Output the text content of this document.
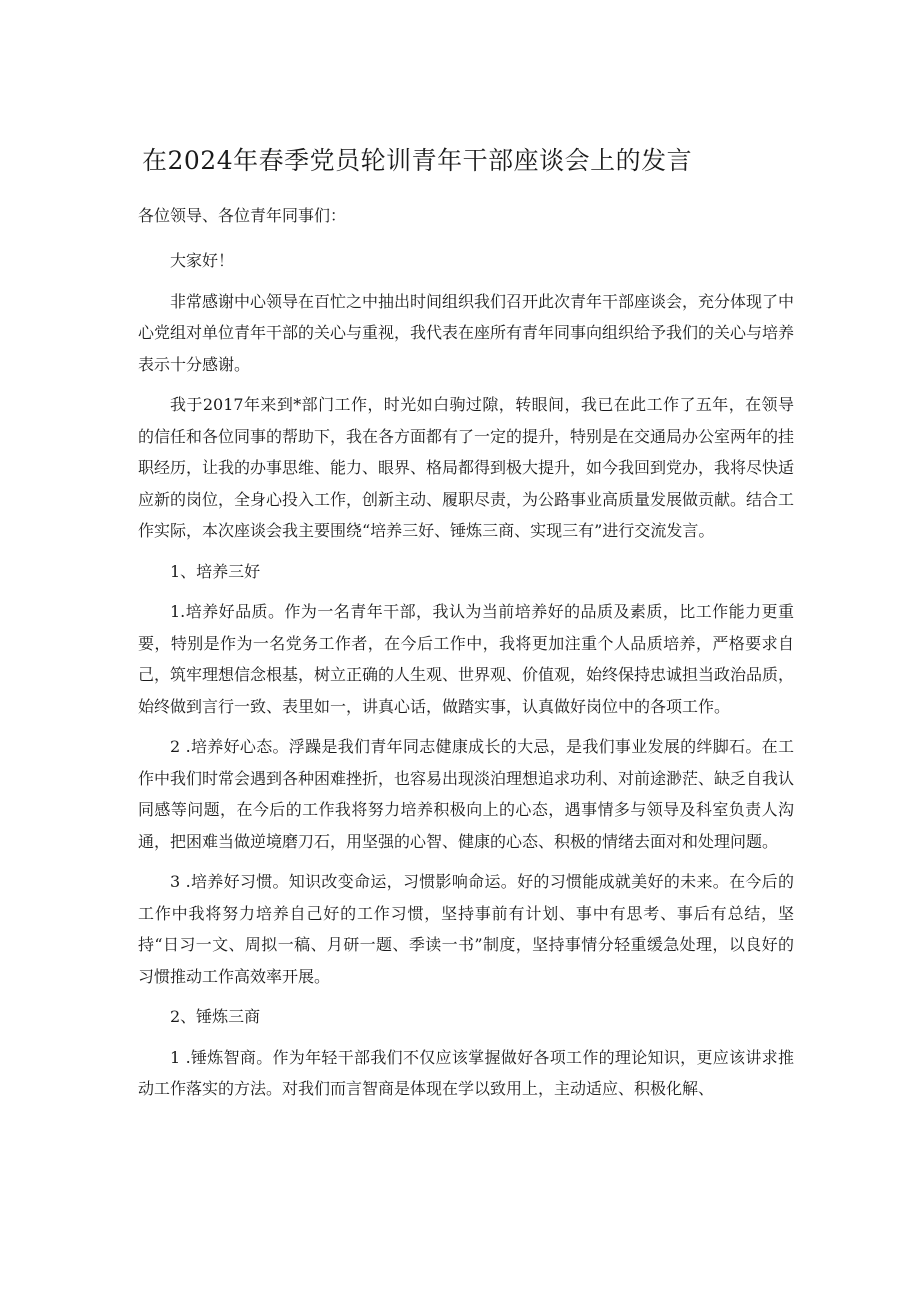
在2024年春季党员轮训青年干部座谈会上的发言

各位领导、各位青年同事们：

大家好！

非常感谢中心领导在百忙之中抽出时间组织我们召开此次青年干部座谈会，充分体现了中心党组对单位青年干部的关心与重视，我代表在座所有青年同事向组织给予我们的关心与培养表示十分感谢。

我于2017年来到*部门工作，时光如白驹过隙，转眼间，我已在此工作了五年，在领导的信任和各位同事的帮助下，我在各方面都有了一定的提升，特别是在交通局办公室两年的挂职经历，让我的办事思维、能力、眼界、格局都得到极大提升，如今我回到党办，我将尽快适应新的岗位，全身心投入工作，创新主动、履职尽责，为公路事业高质量发展做贡献。结合工作实际，本次座谈会我主要围绕“培养三好、锤炼三商、实现三有”进行交流发言。

1、培养三好

1.培养好品质。作为一名青年干部，我认为当前培养好的品质及素质，比工作能力更重要，特别是作为一名党务工作者，在今后工作中，我将更加注重个人品质培养，严格要求自己，筑牢理想信念根基，树立正确的人生观、世界观、价值观，始终保持忠诚担当政治品质，始终做到言行一致、表里如一，讲真心话，做踏实事，认真做好岗位中的各项工作。

2 .培养好心态。浮躁是我们青年同志健康成长的大忌，是我们事业发展的绊脚石。在工作中我们时常会遇到各种困难挫折，也容易出现淡泊理想追求功利、对前途渺茫、缺乏自我认同感等问题，在今后的工作我将努力培养积极向上的心态，遇事情多与领导及科室负责人沟通，把困难当做逆境磨刀石，用坚强的心智、健康的心态、积极的情绪去面对和处理问题。

3 .培养好习惯。知识改变命运，习惯影响命运。好的习惯能成就美好的未来。在今后的工作中我将努力培养自己好的工作习惯，坚持事前有计划、事中有思考、事后有总结，坚持“日习一文、周拟一稿、月研一题、季读一书”制度，坚持事情分轻重缓急处理，以良好的习惯推动工作高效率开展。

2、锤炼三商

1 .锤炼智商。作为年轻干部我们不仅应该掌握做好各项工作的理论知识，更应该讲求推动工作落实的方法。对我们而言智商是体现在学以致用上，主动适应、积极化解、
